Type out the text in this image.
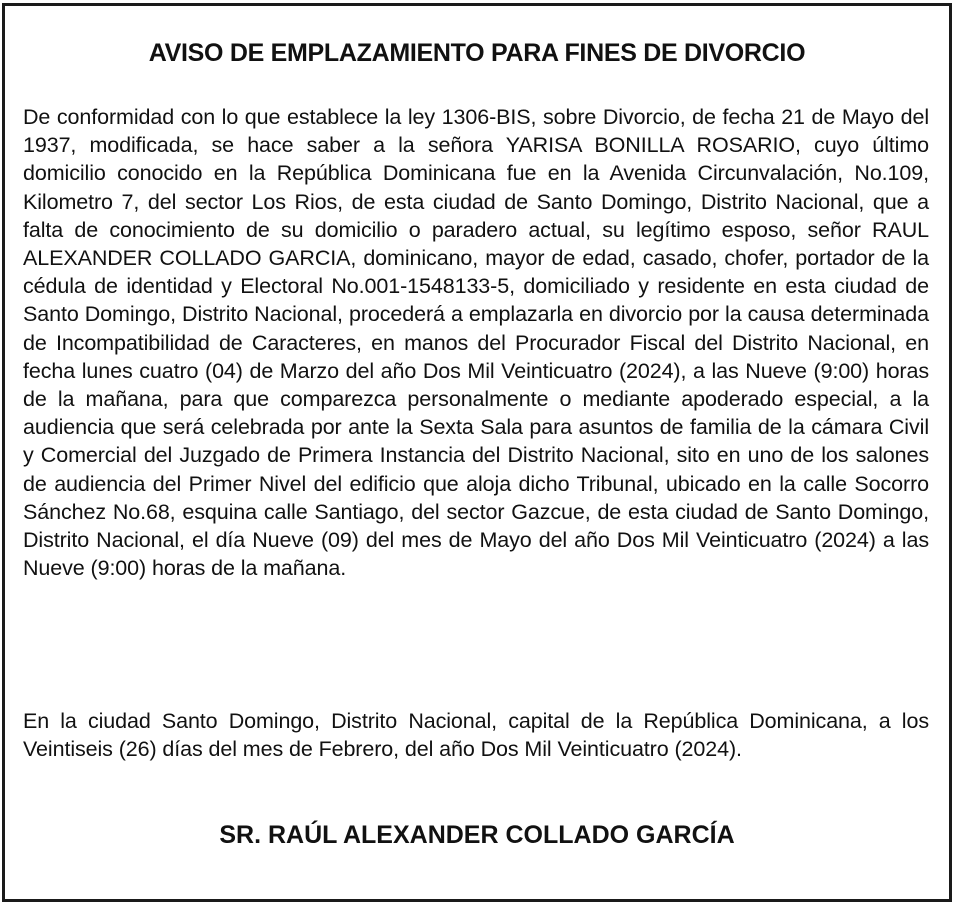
AVISO DE EMPLAZAMIENTO PARA FINES DE DIVORCIO

De conformidad con lo que establece la ley 1306-BIS, sobre Divorcio, de fecha 21 de Mayo del 1937, modificada, se hace saber a la señora YARISA BONILLA ROSARIO, cuyo último domicilio conocido en la República Dominicana fue en la Avenida Circunvalación, No.109, Kilometro 7, del sector Los Rios, de esta ciudad de Santo Domingo, Distrito Nacional, que a falta de conocimiento de su domicilio o paradero actual, su legítimo esposo, señor RAUL ALEXANDER COLLADO GARCIA, dominicano, mayor de edad, casado, chofer, portador de la cédula de identidad y Electoral No.001-1548133-5, domiciliado y residente en esta ciudad de Santo Domingo, Distrito Nacional, procederá a emplazarla en divorcio por la causa determinada de Incompatibilidad de Caracteres, en manos del Procurador Fiscal del Distrito Nacional, en fecha lunes cuatro (04) de Marzo del año Dos Mil Veinticuatro (2024), a las Nueve (9:00) horas de la mañana, para que comparezca personalmente o mediante apoderado especial, a la audiencia que será celebrada por ante la Sexta Sala para asuntos de familia de la cámara Civil y Comercial del Juzgado de Primera Instancia del Distrito Nacional, sito en uno de los salones de audiencia del Primer Nivel del edificio que aloja dicho Tribunal, ubicado en la calle Socorro Sánchez No.68, esquina calle Santiago, del sector Gazcue, de esta ciudad de Santo Domingo, Distrito Nacional, el día Nueve (09) del mes de Mayo del año Dos Mil Veinticuatro (2024) a las Nueve (9:00) horas de la mañana.

En la ciudad Santo Domingo, Distrito Nacional, capital de la República Dominicana, a los Veintiseis (26) días del mes de Febrero, del año Dos Mil Veinticuatro (2024).

SR. RAÚL ALEXANDER COLLADO GARCÍA
